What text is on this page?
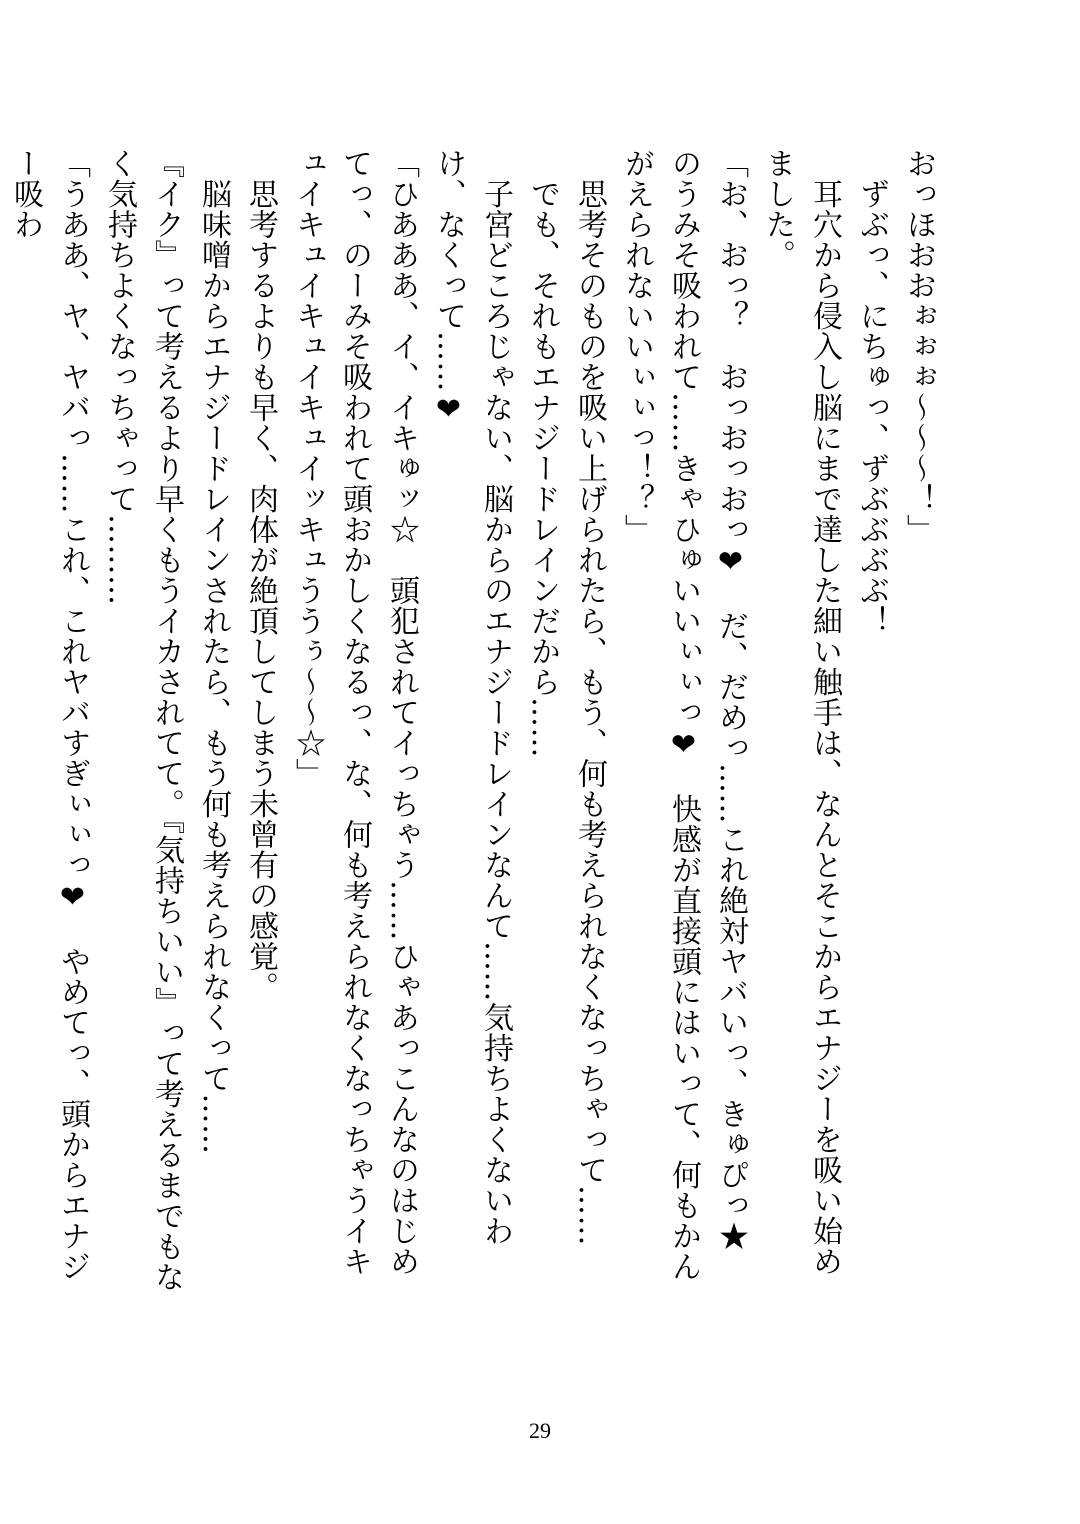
おっほおおぉぉぉ〜〜〜！」
　ずぶっ、にちゅっ、ずぶぶぶぶ！
　耳穴から侵入し脳にまで達した細い触手は、なんとそこからエナジーを吸い始めました。
「お、おっ？　おっおっおっ❤　だ、だめっ……これ絶対ヤバいっ、きゅぴっ★　のうみそ吸われて……きゃひゅいいぃぃっ❤　快感が直接頭にはいって、何もかんがえられないいぃぃっ！？」
　思考そのものを吸い上げられたら、もう、何も考えられなくなっちゃって……
　でも、それもエナジードレインだから……
　子宮どころじゃない、脳からのエナジードレインなんて……気持ちよくないわけ、なくって……❤
「ひあああ、イ、イキゅッ☆　頭犯されてイっちゃう……ひゃあっこんなのはじめてっ、のーみそ吸われて頭おかしくなるっ、な、何も考えられなくなっちゃうイキュイキュイキュイキュイッキュううぅ〜〜☆」
　思考するよりも早く、肉体が絶頂してしまう未曾有の感覚。
　脳味噌からエナジードレインされたら、もう何も考えられなくって……
『イク』って考えるより早くもうイカされてて。『気持ちいい』って考えるまでもなく気持ちよくなっちゃって………
「うああ、ヤ、ヤバっ……これ、これヤバすぎぃぃっ❤　やめてっ、頭からエナジー吸わ
29
